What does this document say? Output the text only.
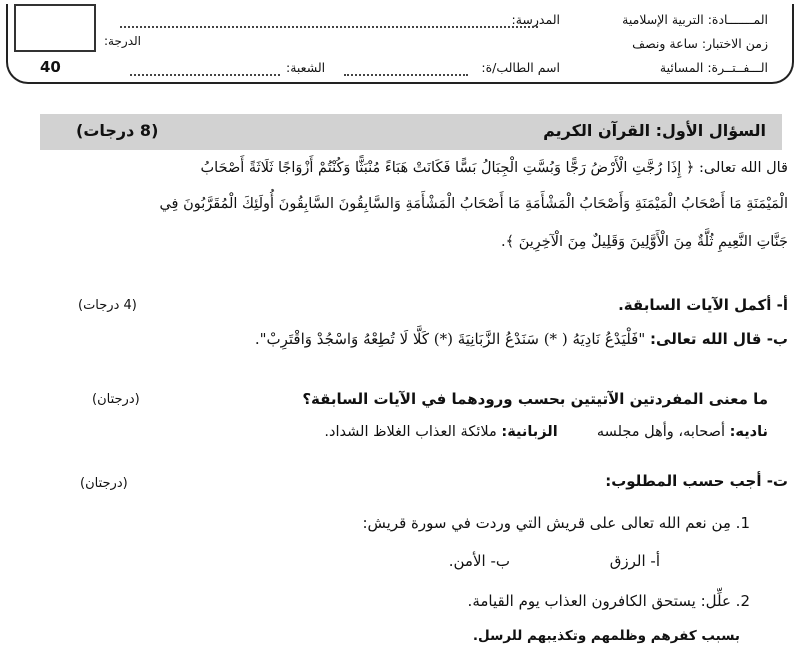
40
الدرجة:
المـــــــادة: التربية الإسلامية
زمن الاختبار: ساعة ونصف
الـــفــتــرة: المسائية
المدرسة:
اسم الطالب/ة:
الشعبة:
السؤال الأول: القرآن الكريم
(8 درجات)
قال الله تعالى: ﴿ إِذَا رُجَّتِ الْأَرْضُ رَجًّا وَبُسَّتِ الْجِبَالُ بَسًّا فَكَانَتْ هَبَاءً مُنْبَثًّا وَكُنْتُمْ أَزْوَاجًا ثَلَاثَةً أَصْحَابُ
الْمَيْمَنَةِ مَا أَصْحَابُ الْمَيْمَنَةِ وَأَصْحَابُ الْمَشْأَمَةِ مَا أَصْحَابُ الْمَشْأَمَةِ وَالسَّابِقُونَ السَّابِقُونَ أُولَئِكَ الْمُقَرَّبُونَ فِي
جَنَّاتِ النَّعِيمِ ثُلَّةٌ مِنَ الْأَوَّلِينَ وَقَلِيلٌ مِنَ الْآخِرِينَ ﴾.
أ- أكمل الآيات السابقة.
(4 درجات)
ب- قال الله تعالى: "فَلْيَدْعُ نَادِيَهُ ( *) سَنَدْعُ الزَّبَانِيَةَ (*) كَلَّا لَا تُطِعْهُ وَاسْجُدْ وَاقْتَرِبْ".
ما معنى المفردتين الآتيتين بحسب ورودهما في الآيات السابقة؟
(درجتان)
ناديه: أصحابه، وأهل مجلسه  الزبانية: ملائكة العذاب الغلاظ الشداد.
ت- أجب حسب المطلوب:
(درجتان)
1. مِن نعم الله تعالى على قريش التي وردت في سورة قريش:
أ- الرزق
ب- الأمن.
2. علِّل: يستحق الكافرون العذاب يوم القيامة.
بسبب كفرهم وظلمهم وتكذيبهم للرسل.
